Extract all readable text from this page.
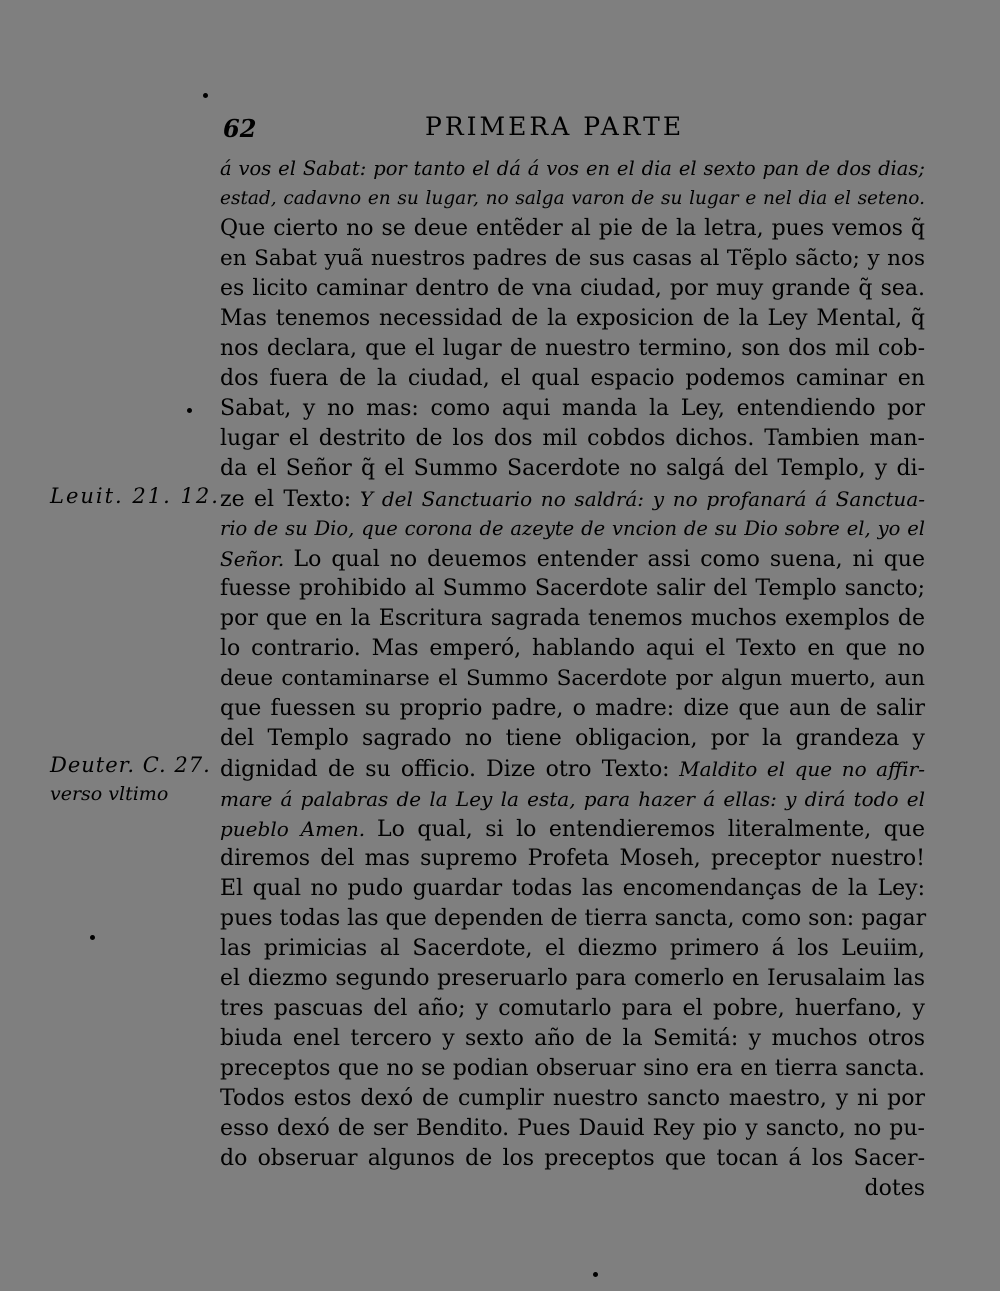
62	PRIMERA PARTE
Leuit. 21. 12.
Deuter. C. 27.
verso vltimo
á vos el Sabat: por tanto el dá á vos en el dia el sexto pan de dos dias;
estad, cadavno en su lugar, no salga varon de su lugar e nel dia el seteno.
Que cierto no se deue entẽder al pie de la letra, pues vemos q̃
en Sabat yuã nuestros padres de sus casas al Tẽplo sãcto; y nos
es licito caminar dentro de vna ciudad, por muy grande q̃ sea.
Mas tenemos necessidad de la exposicion de la Ley Mental, q̃
nos declara, que el lugar de nuestro termino, son dos mil cob-
dos fuera de la ciudad, el qual espacio podemos caminar en
Sabat, y no mas: como aqui manda la Ley, entendiendo por
lugar el destrito de los dos mil cobdos dichos. Tambien man-
da el Señor q̃ el Summo Sacerdote no salgá del Templo, y di-
ze el Texto: Y del Sanctuario no saldrá: y no profanará á Sanctua-
rio de su Dio, que corona de azeyte de vncion de su Dio sobre el, yo el
Señor. Lo qual no deuemos entender assi como suena, ni que
fuesse prohibido al Summo Sacerdote salir del Templo sancto;
por que en la Escritura sagrada tenemos muchos exemplos de
lo contrario. Mas emperó, hablando aqui el Texto en que no
deue contaminarse el Summo Sacerdote por algun muerto, aun
que fuessen su proprio padre, o madre: dize que aun de salir
del Templo sagrado no tiene obligacion, por la grandeza y
dignidad de su officio. Dize otro Texto: Maldito el que no affir-
mare á palabras de la Ley la esta, para hazer á ellas: y dirá todo el
pueblo Amen. Lo qual, si lo entendieremos literalmente, que
diremos del mas supremo Profeta Moseh, preceptor nuestro!
El qual no pudo guardar todas las encomendanças de la Ley:
pues todas las que dependen de tierra sancta, como son: pagar
las primicias al Sacerdote, el diezmo primero á los Leuiim,
el diezmo segundo preseruarlo para comerlo en Ierusalaim las
tres pascuas del año; y comutarlo para el pobre, huerfano, y
biuda enel tercero y sexto año de la Semitá: y muchos otros
preceptos que no se podian obseruar sino era en tierra sancta.
Todos estos dexó de cumplir nuestro sancto maestro, y ni por
esso dexó de ser Bendito. Pues Dauid Rey pio y sancto, no pu-
do obseruar algunos de los preceptos que tocan á los Sacer-
dotes
